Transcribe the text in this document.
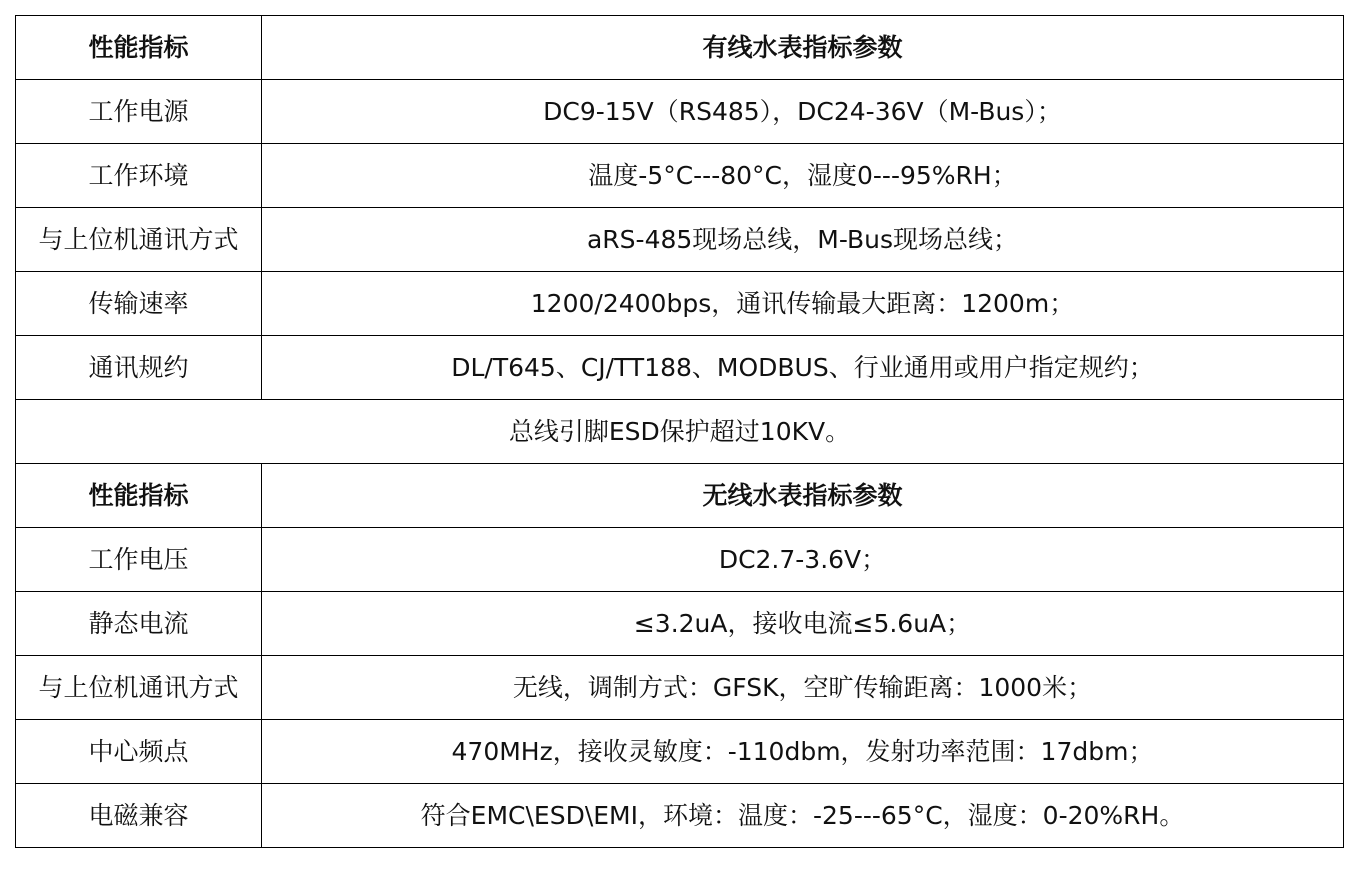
性能指标	有线水表指标参数
工作电源	DC9-15V（RS485），DC24-36V（M-Bus）；
工作环境	温度-5°C---80°C，湿度0---95%RH；
与上位机通讯方式	aRS-485现场总线，M-Bus现场总线；
传输速率	1200/2400bps，通讯传输最大距离：1200m；
通讯规约	DL/T645、CJ/TT188、MODBUS、行业通用或用户指定规约；
总线引脚ESD保护超过10KV。	
性能指标	无线水表指标参数
工作电压	DC2.7-3.6V；
静态电流	≤3.2uA，接收电流≤5.6uA；
与上位机通讯方式	无线，调制方式：GFSK，空旷传输距离：1000米；
中心频点	470MHz，接收灵敏度：-110dbm，发射功率范围：17dbm；
电磁兼容	符合EMC\ESD\EMI，环境：温度：-25---65°C，湿度：0-20%RH。
